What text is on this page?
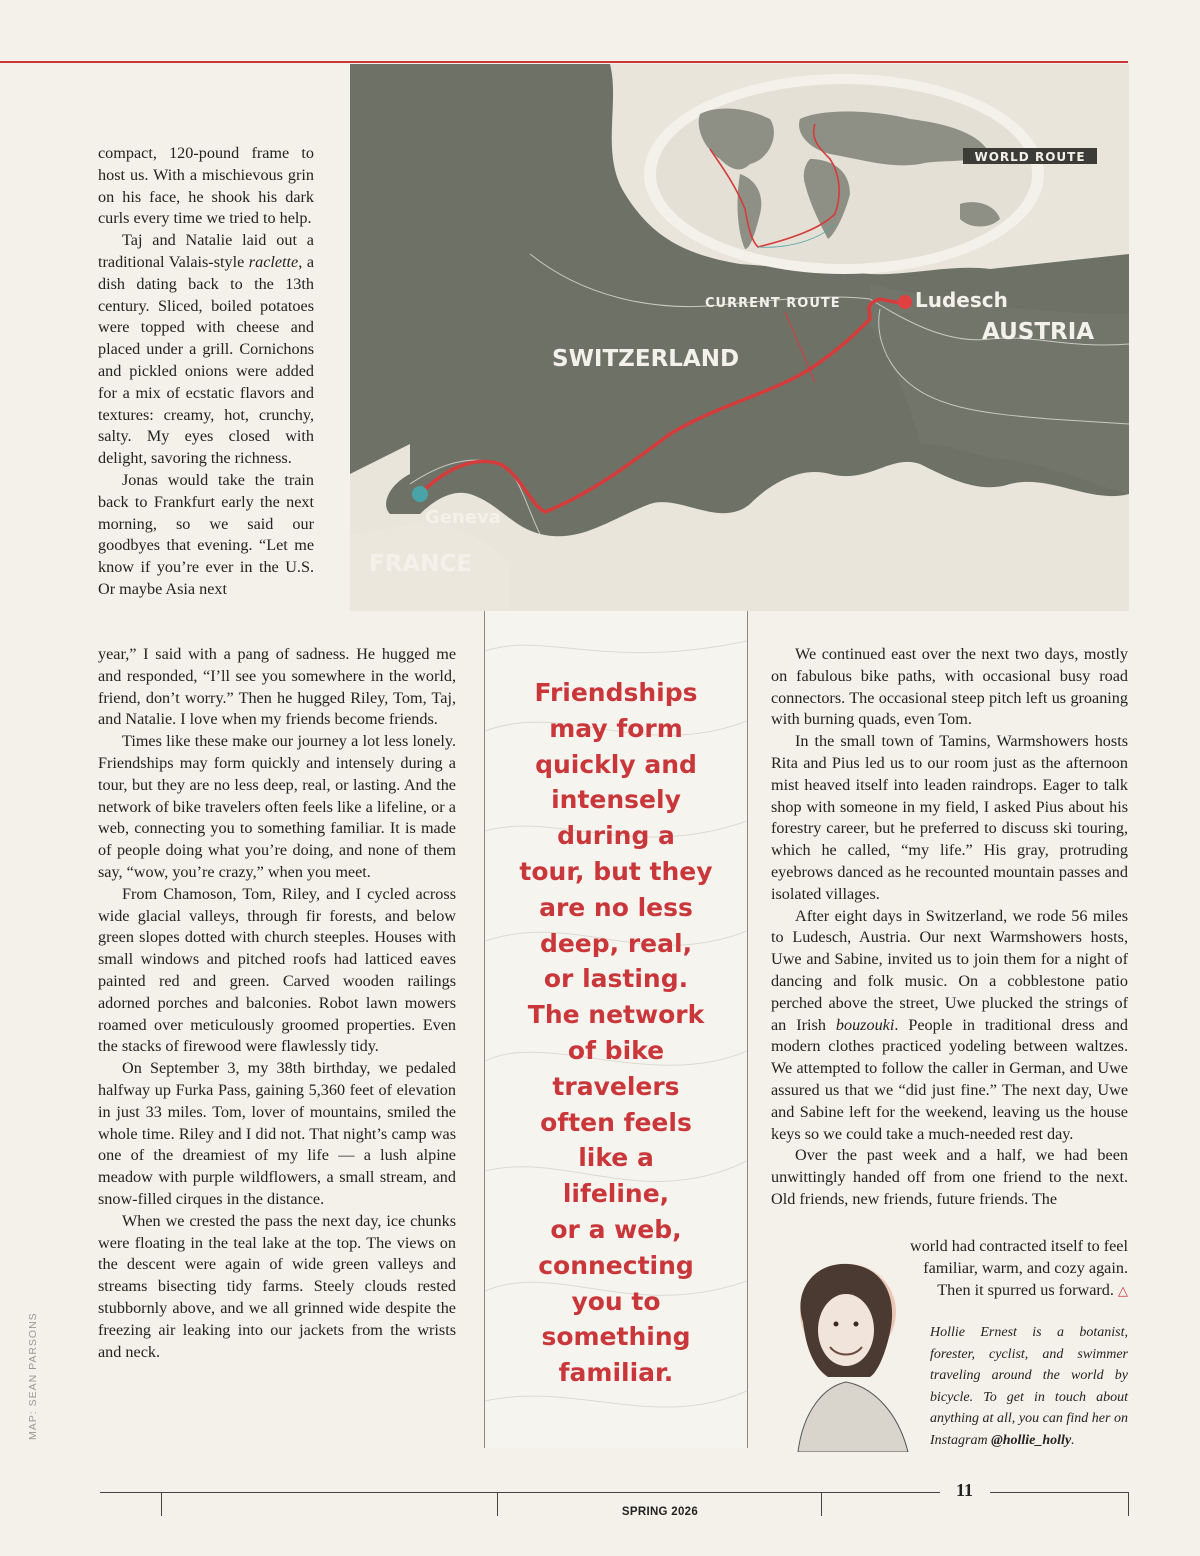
WORLD ROUTE
CURRENT ROUTE	Ludesch
AUSTRIA
SWITZERLAND
Geneva
FRANCE

compact, 120-pound frame to host us. With a mischievous grin on his face, he shook his dark curls every time we tried to help.

Taj and Natalie laid out a traditional Valais-style raclette, a dish dating back to the 13th century. Sliced, boiled potatoes were topped with cheese and placed under a grill. Cornichons and pickled onions were added for a mix of ecstatic flavors and textures: creamy, hot, crunchy, salty. My eyes closed with delight, savoring the richness.

Jonas would take the train back to Frankfurt early the next morning, so we said our goodbyes that evening. “Let me know if you’re ever in the U.S. Or maybe Asia next

year,” I said with a pang of sadness. He hugged me and responded, “I’ll see you somewhere in the world, friend, don’t worry.” Then he hugged Riley, Tom, Taj, and Natalie. I love when my friends become friends.

Times like these make our journey a lot less lonely. Friendships may form quickly and intensely during a tour, but they are no less deep, real, or lasting. And the network of bike travelers often feels like a lifeline, or a web, connecting you to something familiar. It is made of people doing what you’re doing, and none of them say, “wow, you’re crazy,” when you meet.

From Chamoson, Tom, Riley, and I cycled across wide glacial valleys, through fir forests, and below green slopes dotted with church steeples. Houses with small windows and pitched roofs had latticed eaves painted red and green. Carved wooden railings adorned porches and balconies. Robot lawn mowers roamed over meticulously groomed properties. Even the stacks of firewood were flawlessly tidy.

On September 3, my 38th birthday, we pedaled halfway up Furka Pass, gaining 5,360 feet of elevation in just 33 miles. Tom, lover of mountains, smiled the whole time. Riley and I did not. That night’s camp was one of the dreamiest of my life — a lush alpine meadow with purple wildflowers, a small stream, and snow-filled cirques in the distance.

When we crested the pass the next day, ice chunks were floating in the teal lake at the top. The views on the descent were again of wide green valleys and streams bisecting tidy farms. Steely clouds rested stubbornly above, and we all grinned wide despite the freezing air leaking into our jackets from the wrists and neck.

Friendships
may form
quickly and
intensely
during a
tour, but they
are no less
deep, real,
or lasting.
The network
of bike
travelers
often feels
like a
lifeline,
or a web,
connecting
you to
something
familiar.

We continued east over the next two days, mostly on fabulous bike paths, with occasional busy road connectors. The occasional steep pitch left us groaning with burning quads, even Tom.

In the small town of Tamins, Warmshowers hosts Rita and Pius led us to our room just as the afternoon mist heaved itself into leaden raindrops. Eager to talk shop with someone in my field, I asked Pius about his forestry career, but he preferred to discuss ski touring, which he called, “my life.” His gray, protruding eyebrows danced as he recounted mountain passes and isolated villages.

After eight days in Switzerland, we rode 56 miles to Ludesch, Austria. Our next Warmshowers hosts, Uwe and Sabine, invited us to join them for a night of dancing and folk music. On a cobblestone patio perched above the street, Uwe plucked the strings of an Irish bouzouki. People in traditional dress and modern clothes practiced yodeling between waltzes. We attempted to follow the caller in German, and Uwe assured us that we “did just fine.” The next day, Uwe and Sabine left for the weekend, leaving us the house keys so we could take a much-needed rest day.

Over the past week and a half, we had been unwittingly handed off from one friend to the next. Old friends, new friends, future friends. The

world had contracted itself to feel
familiar, warm, and cozy again.
Then it spurred us forward. △
Hollie Ernest is a botanist, forester, cyclist, and swimmer traveling around the world by bicycle. To get in touch about anything at all, you can find her on Instagram @hollie_holly.
MAP: SEAN PARSONS
11
SPRING 2026
